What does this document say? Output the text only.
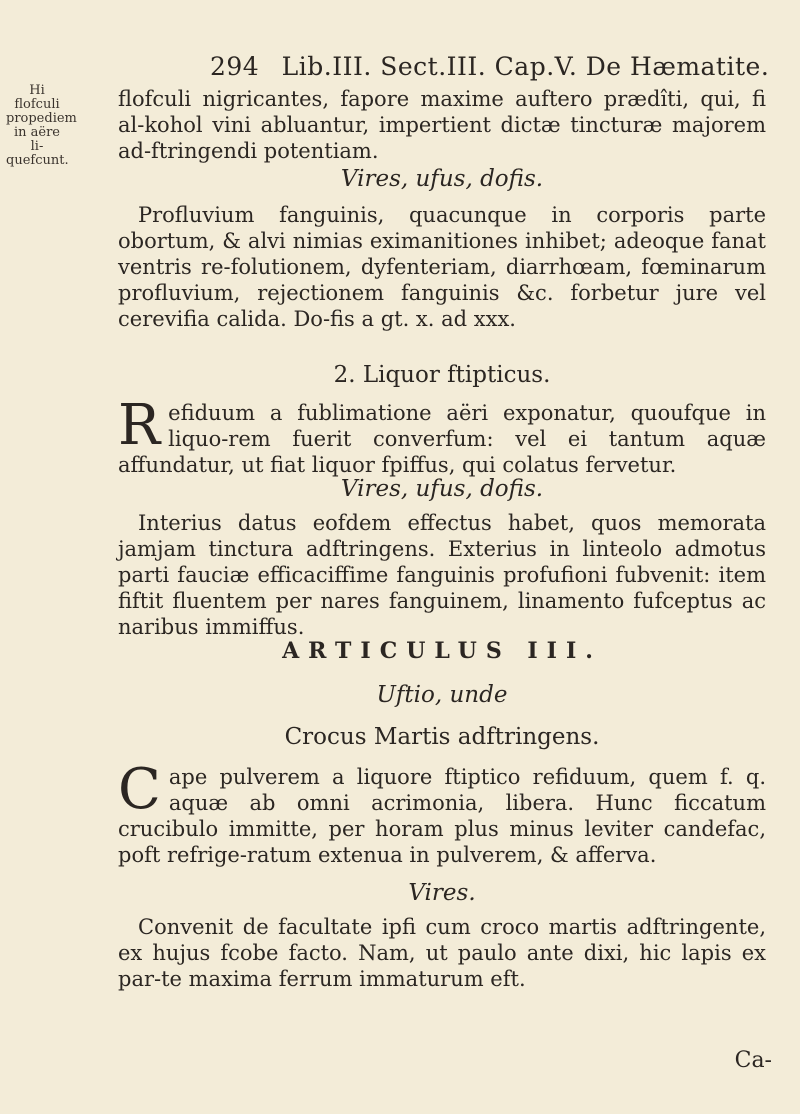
294 Lib.III. Sect.III. Cap.V. De Hæmatite.
Hi flofculi
propediem
in aëre li-
quefcunt.

flofculi nigricantes, fapore maxime auftero prædîti, qui, fi al-kohol vini abluantur, impertient dictæ tincturæ majorem ad-ftringendi potentiam.

Vires, ufus, dofis.

Profluvium fanguinis, quacunque in corporis parte obortum, & alvi nimias eximanitiones inhibet; adeoque fanat ventris re-folutionem, dyfenteriam, diarrhœam, fœminarum profluvium, rejectionem fanguinis &c. forbetur jure vel cerevifia calida. Do-fis a gt. x. ad xxx.

2. Liquor ftipticus.
R efiduum a fublimatione aëri exponatur, quoufque in liquo-rem fuerit converfum: vel ei tantum aquæ affundatur, ut fiat liquor fpiffus, qui colatus fervetur.

Vires, ufus, dofis.

Interius datus eofdem effectus habet, quos memorata jamjam tinctura adftringens. Exterius in linteolo admotus parti fauciæ efficaciffime fanguinis profufioni fubvenit: item fiftit fluentem per nares fanguinem, linamento fufceptus ac naribus immiffus.

ARTICULUS III.
Uftio, unde
Crocus Martis adftringens.
C ape pulverem a liquore ftiptico refiduum, quem f. q. aquæ ab omni acrimonia, libera. Hunc ficcatum crucibulo immitte, per horam plus minus leviter candefac, poft refrige-ratum extenua in pulverem, & afferva.

Vires.

Convenit de facultate ipfi cum croco martis adftringente, ex hujus fcobe facto. Nam, ut paulo ante dixi, hic lapis ex par-te maxima ferrum immaturum eft.

Ca-
